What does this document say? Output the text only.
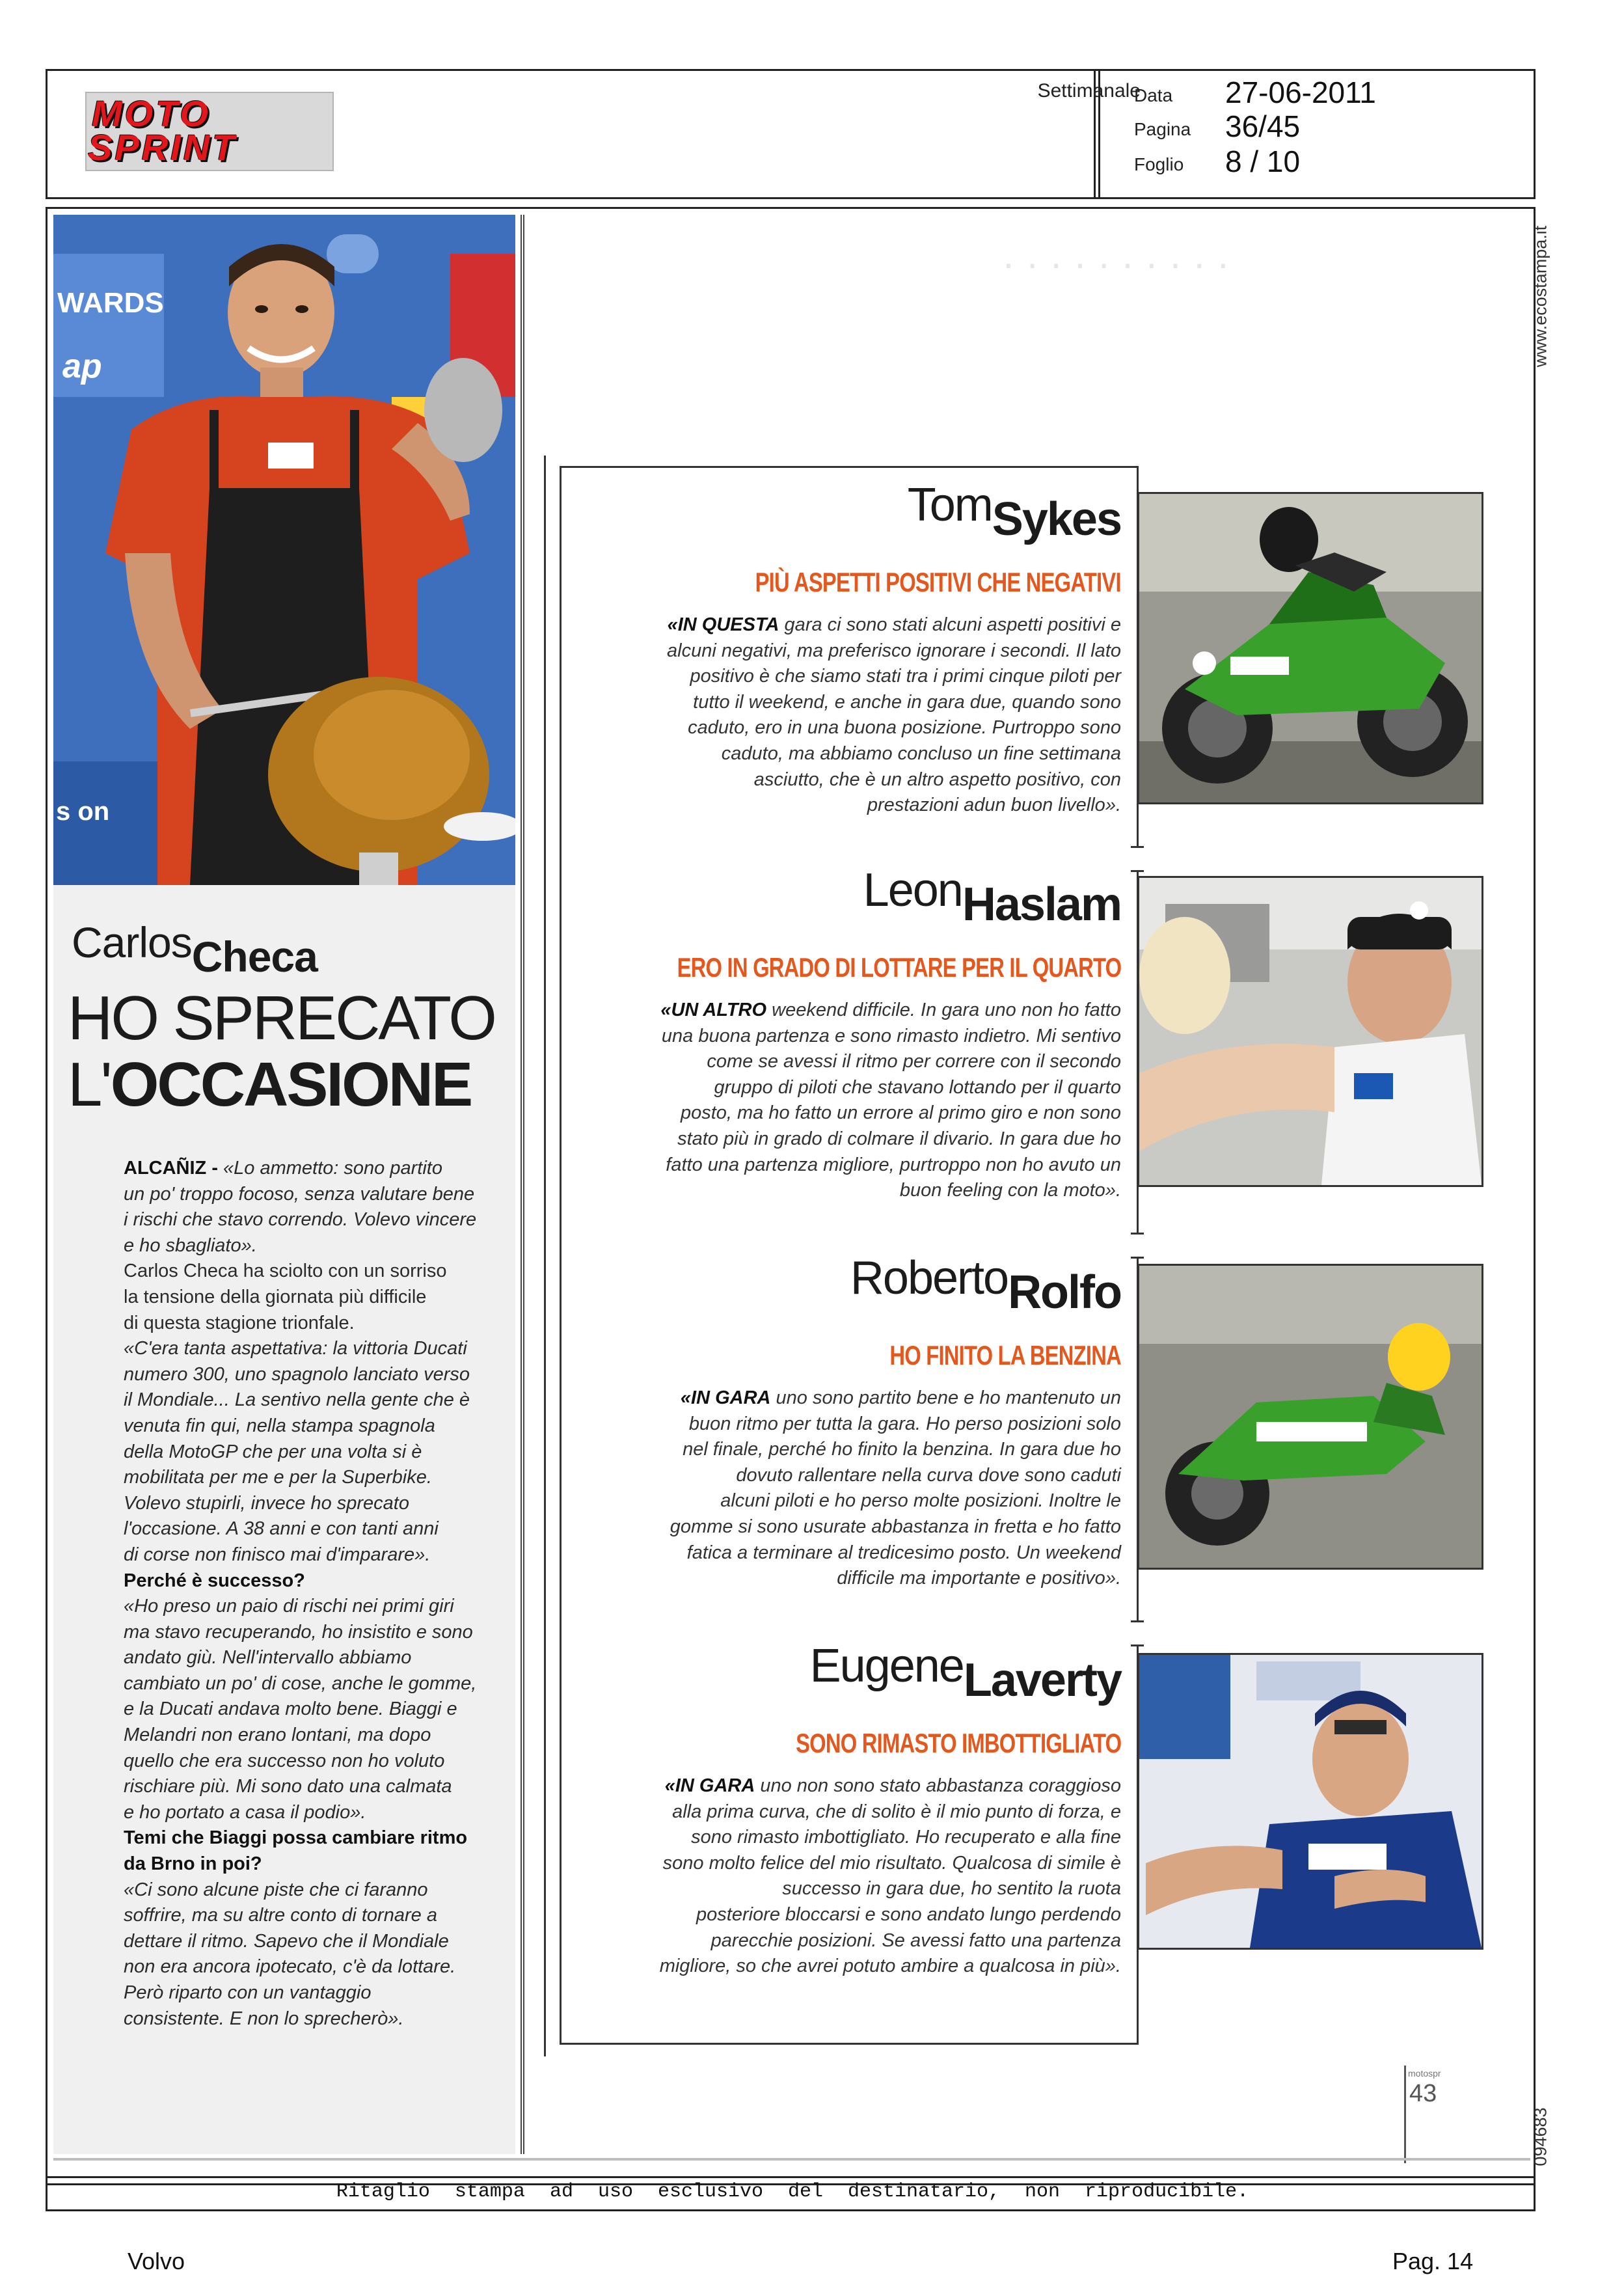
MOTO
SPRINT
Settimanale
Data 27-06-2011
Pagina 36/45
Foglio 8 / 10
www.ecostampa.it
094683
· · · · · · · · · ·
WARDS
ap
s on
CarlosCheca
HO SPRECATO
L'OCCASIONE
ALCAÑIZ - «Lo ammetto: sono partito
un po' troppo focoso, senza valutare bene
i rischi che stavo correndo. Volevo vincere
e ho sbagliato».
Carlos Checa ha sciolto con un sorriso
la tensione della giornata più difficile
di questa stagione trionfale.
«C'era tanta aspettativa: la vittoria Ducati
numero 300, uno spagnolo lanciato verso
il Mondiale... La sentivo nella gente che è
venuta fin qui, nella stampa spagnola
della MotoGP che per una volta si è
mobilitata per me e per la Superbike.
Volevo stupirli, invece ho sprecato
l'occasione. A 38 anni e con tanti anni
di corse non finisco mai d'imparare».
Perché è successo?
«Ho preso un paio di rischi nei primi giri
ma stavo recuperando, ho insistito e sono
andato giù. Nell'intervallo abbiamo
cambiato un po' di cose, anche le gomme,
e la Ducati andava molto bene. Biaggi e
Melandri non erano lontani, ma dopo
quello che era successo non ho voluto
rischiare più. Mi sono dato una calmata
e ho portato a casa il podio».
Temi che Biaggi possa cambiare ritmo
da Brno in poi?
«Ci sono alcune piste che ci faranno
soffrire, ma su altre conto di tornare a
dettare il ritmo. Sapevo che il Mondiale
non era ancora ipotecato, c'è da lottare.
Però riparto con un vantaggio
consistente. E non lo sprecherò».
TomSykes
PIÙ ASPETTI POSITIVI CHE NEGATIVI
«IN QUESTA gara ci sono stati alcuni aspetti positivi e
alcuni negativi, ma preferisco ignorare i secondi. Il lato
positivo è che siamo stati tra i primi cinque piloti per
tutto il weekend, e anche in gara due, quando sono
caduto, ero in una buona posizione. Purtroppo sono
caduto, ma abbiamo concluso un fine settimana
asciutto, che è un altro aspetto positivo, con
prestazioni adun buon livello».
LeonHaslam
ERO IN GRADO DI LOTTARE PER IL QUARTO
«UN ALTRO weekend difficile. In gara uno non ho fatto
una buona partenza e sono rimasto indietro. Mi sentivo
come se avessi il ritmo per correre con il secondo
gruppo di piloti che stavano lottando per il quarto
posto, ma ho fatto un errore al primo giro e non sono
stato più in grado di colmare il divario. In gara due ho
fatto una partenza migliore, purtroppo non ho avuto un
buon feeling con la moto».
RobertoRolfo
HO FINITO LA BENZINA
«IN GARA uno sono partito bene e ho mantenuto un
buon ritmo per tutta la gara. Ho perso posizioni solo
nel finale, perché ho finito la benzina. In gara due ho
dovuto rallentare nella curva dove sono caduti
alcuni piloti e ho perso molte posizioni. Inoltre le
gomme si sono usurate abbastanza in fretta e ho fatto
fatica a terminare al tredicesimo posto. Un weekend
difficile ma importante e positivo».
EugeneLaverty
SONO RIMASTO IMBOTTIGLIATO
«IN GARA uno non sono stato abbastanza coraggioso
alla prima curva, che di solito è il mio punto di forza, e
sono rimasto imbottigliato. Ho recuperato e alla fine
sono molto felice del mio risultato. Qualcosa di simile è
successo in gara due, ho sentito la ruota
posteriore bloccarsi e sono andato lungo perdendo
parecchie posizioni. Se avessi fatto una partenza
migliore, so che avrei potuto ambire a qualcosa in più».
motospr
43
Ritaglio stampa ad uso esclusivo del destinatario, non riproducibile.
Volvo	Pag. 14
